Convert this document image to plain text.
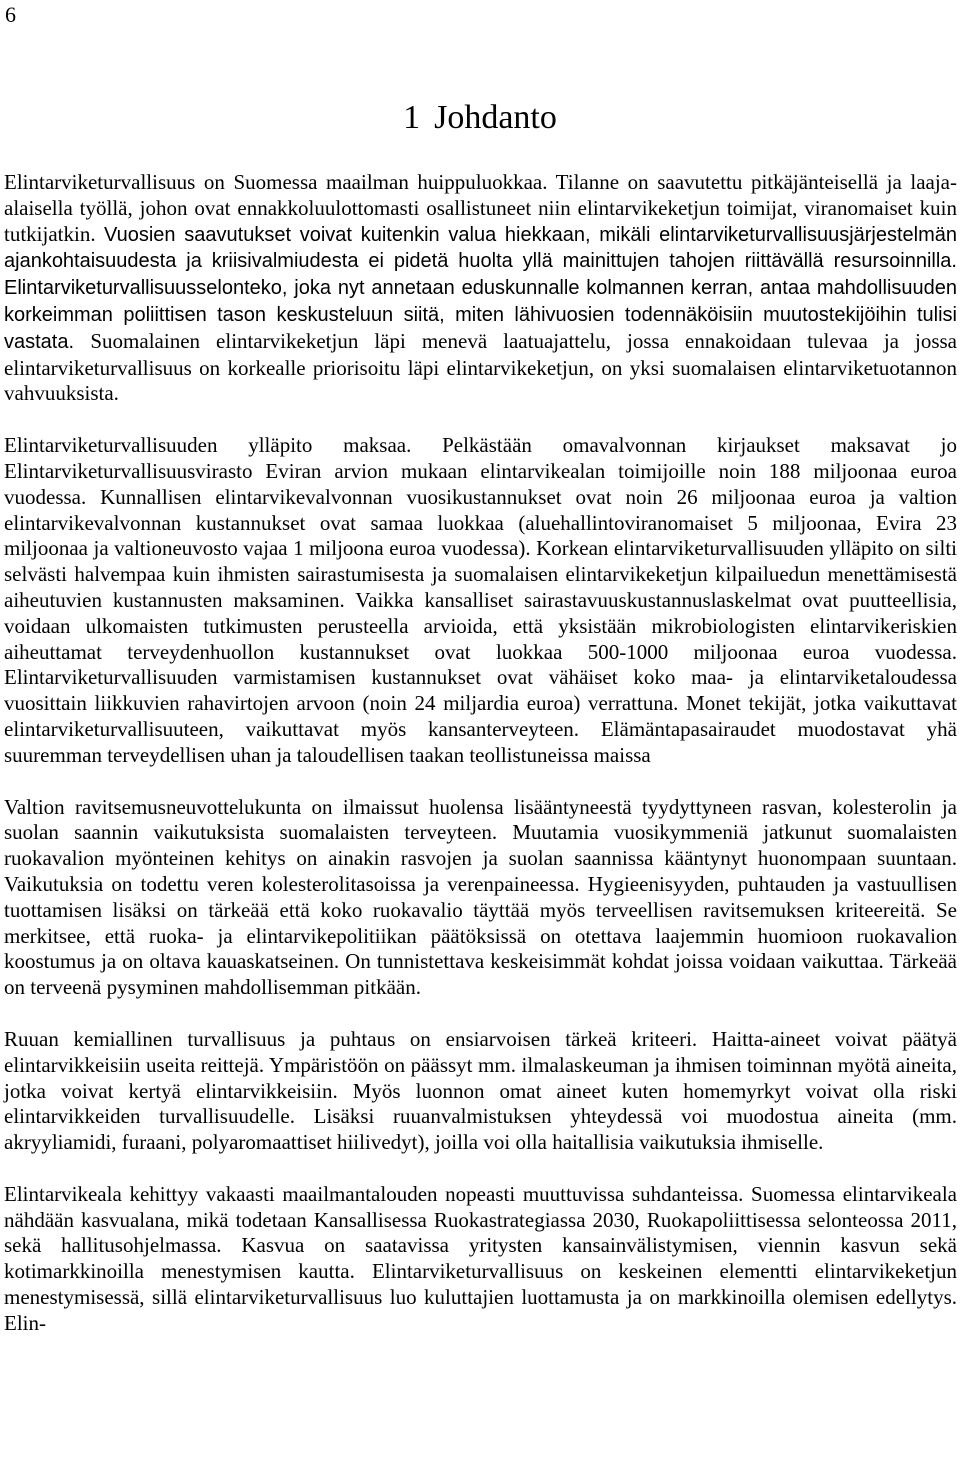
6
1 Johdanto

Elintarviketurvallisuus on Suomessa maailman huippuluokkaa. Tilanne on saavutettu pitkäjänteisellä ja laaja-alaisella työllä, johon ovat ennakkoluulottomasti osallistuneet niin elintarvikeketjun toimijat, viranomaiset kuin tutkijatkin. Vuosien saavutukset voivat kuitenkin valua hiekkaan, mikäli elintarviketurvallisuusjärjestelmän ajankohtaisuudesta ja kriisivalmiudesta ei pidetä huolta yllä mainittujen tahojen riittävällä resursoinnilla. Elintarviketurvallisuusselonteko, joka nyt annetaan eduskunnalle kolmannen kerran, antaa mahdollisuuden korkeimman poliittisen tason keskusteluun siitä, miten lähivuosien todennäköisiin muutostekijöihin tulisi vastata. Suomalainen elintarvikeketjun läpi menevä laatuajattelu, jossa ennakoidaan tulevaa ja jossa elintarviketurvallisuus on korkealle priorisoitu läpi elintarvikeketjun, on yksi suomalaisen elintarviketuotannon vahvuuksista.

Elintarviketurvallisuuden ylläpito maksaa. Pelkästään omavalvonnan kirjaukset maksavat jo Elintarviketurvallisuusvirasto Eviran arvion mukaan elintarvikealan toimijoille noin 188 miljoonaa euroa vuodessa. Kunnallisen elintarvikevalvonnan vuosikustannukset ovat noin 26 miljoonaa euroa ja valtion elintarvikevalvonnan kustannukset ovat samaa luokkaa (aluehallintoviranomaiset 5 miljoonaa, Evira 23 miljoonaa ja valtioneuvosto vajaa 1 miljoona euroa vuodessa). Korkean elintarviketurvallisuuden ylläpito on silti selvästi halvempaa kuin ihmisten sairastumisesta ja suomalaisen elintarvikeketjun kilpailuedun menettämisestä aiheutuvien kustannusten maksaminen. Vaikka kansalliset sairastavuuskustannuslaskelmat ovat puutteellisia, voidaan ulkomaisten tutkimusten perusteella arvioida, että yksistään mikrobiologisten elintarvikeriskien aiheuttamat terveydenhuollon kustannukset ovat luokkaa 500-1000 miljoonaa euroa vuodessa. Elintarviketurvallisuuden varmistamisen kustannukset ovat vähäiset koko maa- ja elintarviketaloudessa vuosittain liikkuvien rahavirtojen arvoon (noin 24 miljardia euroa) verrattuna. Monet tekijät, jotka vaikuttavat elintarviketurvallisuuteen, vaikuttavat myös kansanterveyteen. Elämäntapasairaudet muodostavat yhä suuremman terveydellisen uhan ja taloudellisen taakan teollistuneissa maissa

Valtion ravitsemusneuvottelukunta on ilmaissut huolensa lisääntyneestä tyydyttyneen rasvan, kolesterolin ja suolan saannin vaikutuksista suomalaisten terveyteen. Muutamia vuosikymmeniä jatkunut suomalaisten ruokavalion myönteinen kehitys on ainakin rasvojen ja suolan saannissa kääntynyt huonompaan suuntaan. Vaikutuksia on todettu veren kolesterolitasoissa ja verenpaineessa. Hygieenisyyden, puhtauden ja vastuullisen tuottamisen lisäksi on tärkeää että koko ruokavalio täyttää myös terveellisen ravitsemuksen kriteereitä. Se merkitsee, että ruoka- ja elintarvikepolitiikan päätöksissä on otettava laajemmin huomioon ruokavalion koostumus ja on oltava kauaskatseinen. On tunnistettava keskeisimmät kohdat joissa voidaan vaikuttaa. Tärkeää on terveenä pysyminen mahdollisemman pitkään.

Ruuan kemiallinen turvallisuus ja puhtaus on ensiarvoisen tärkeä kriteeri. Haitta-aineet voivat päätyä elintarvikkeisiin useita reittejä. Ympäristöön on päässyt mm. ilmalaskeuman ja ihmisen toiminnan myötä aineita, jotka voivat kertyä elintarvikkeisiin. Myös luonnon omat aineet kuten homemyrkyt voivat olla riski elintarvikkeiden turvallisuudelle. Lisäksi ruuanvalmistuksen yhteydessä voi muodostua aineita (mm. akryyliamidi, furaani, polyaromaattiset hiilivedyt), joilla voi olla haitallisia vaikutuksia ihmiselle.

Elintarvikeala kehittyy vakaasti maailmantalouden nopeasti muuttuvissa suhdanteissa. Suomessa elintarvikeala nähdään kasvualana, mikä todetaan Kansallisessa Ruokastrategiassa 2030, Ruokapoliittisessa selonteossa 2011, sekä hallitusohjelmassa. Kasvua on saatavissa yritysten kansainvälistymisen, viennin kasvun sekä kotimarkkinoilla menestymisen kautta. Elintarviketurvallisuus on keskeinen elementti elintarvikeketjun menestymisessä, sillä elintarviketurvallisuus luo kuluttajien luottamusta ja on markkinoilla olemisen edellytys. Elin-
